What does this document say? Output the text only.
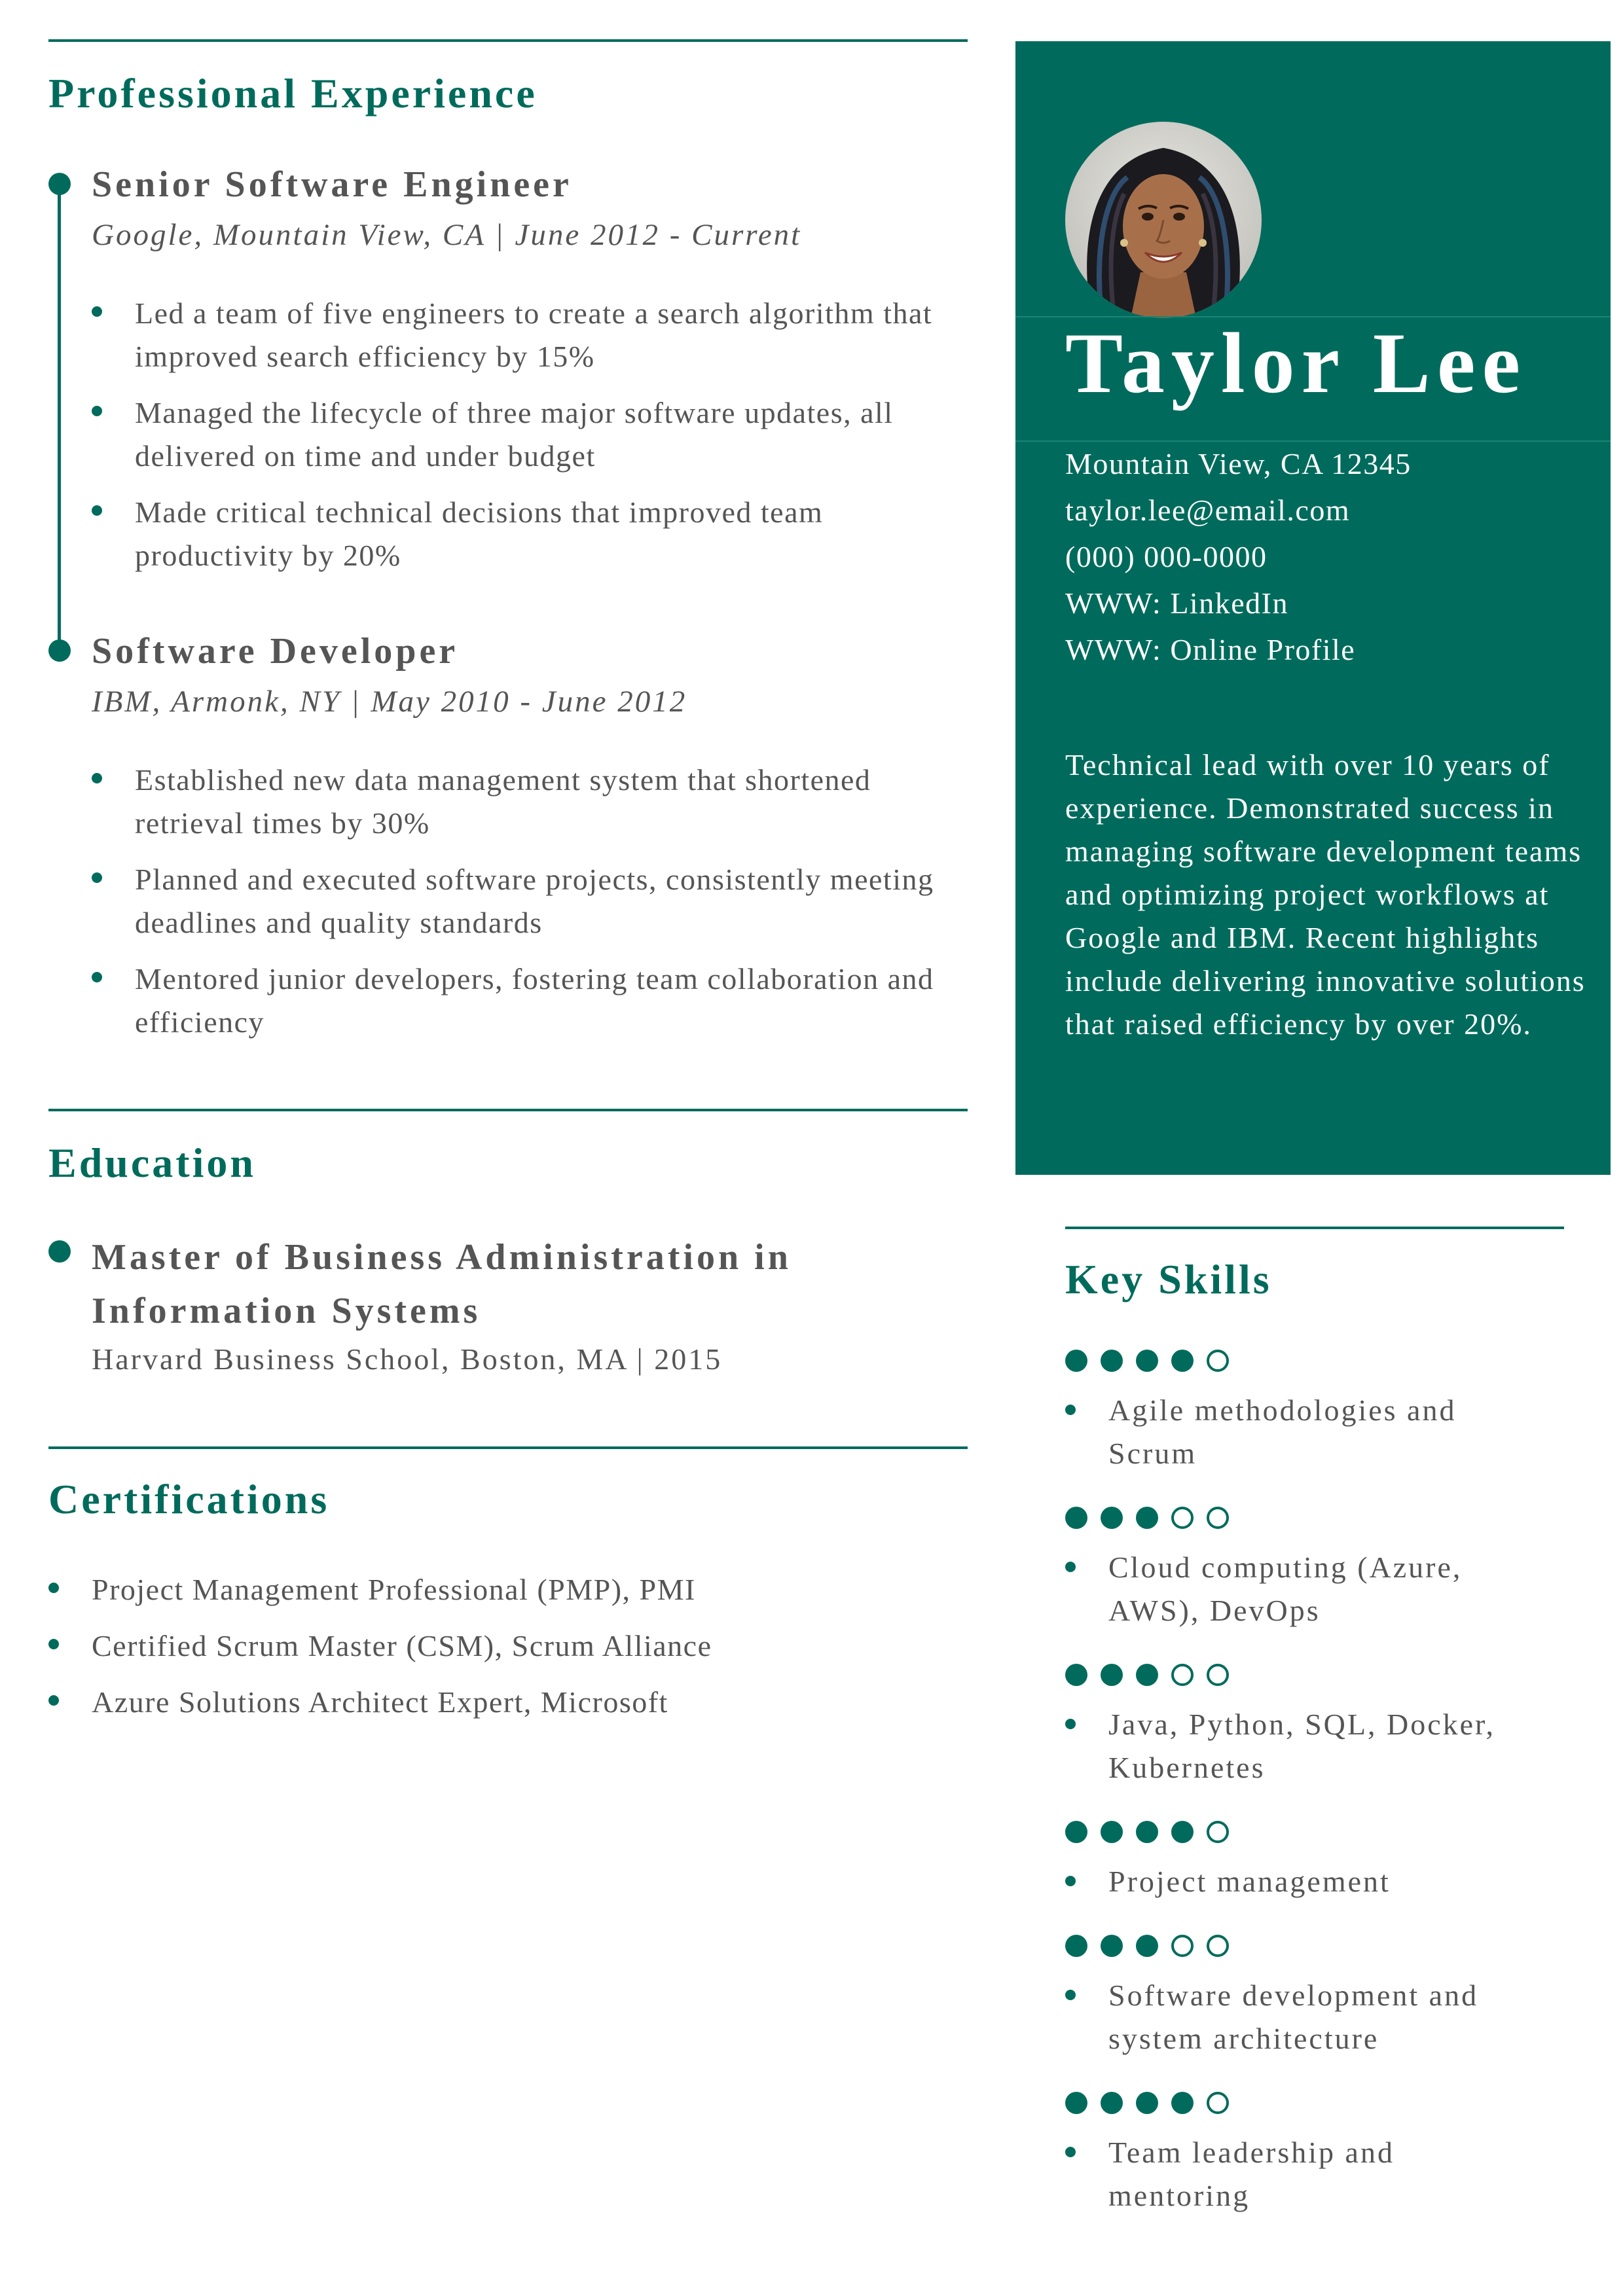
Professional Experience
Senior Software Engineer
Google, Mountain View, CA | June 2012 - Current
Led a team of five engineers to create a search algorithm that improved search efficiency by 15%
Managed the lifecycle of three major software updates, all delivered on time and under budget
Made critical technical decisions that improved team productivity by 20%
Software Developer
IBM, Armonk, NY | May 2010 - June 2012
Established new data management system that shortened retrieval times by 30%
Planned and executed software projects, consistently meeting deadlines and quality standards
Mentored junior developers, fostering team collaboration and efficiency
Education
Master of Business Administration in Information Systems
Harvard Business School, Boston, MA | 2015
Certifications
Project Management Professional (PMP), PMI
Certified Scrum Master (CSM), Scrum Alliance
Azure Solutions Architect Expert, Microsoft
Taylor Lee
Mountain View, CA 12345
taylor.lee@email.com
(000) 000-0000
WWW: LinkedIn
WWW: Online Profile
Technical lead with over 10 years of experience. Demonstrated success in managing software development teams and optimizing project workflows at Google and IBM. Recent highlights include delivering innovative solutions that raised efficiency by over 20%.
Key Skills
Agile methodologies and Scrum
Cloud computing (Azure, AWS), DevOps
Java, Python, SQL, Docker, Kubernetes
Project management
Software development and system architecture
Team leadership and mentoring
